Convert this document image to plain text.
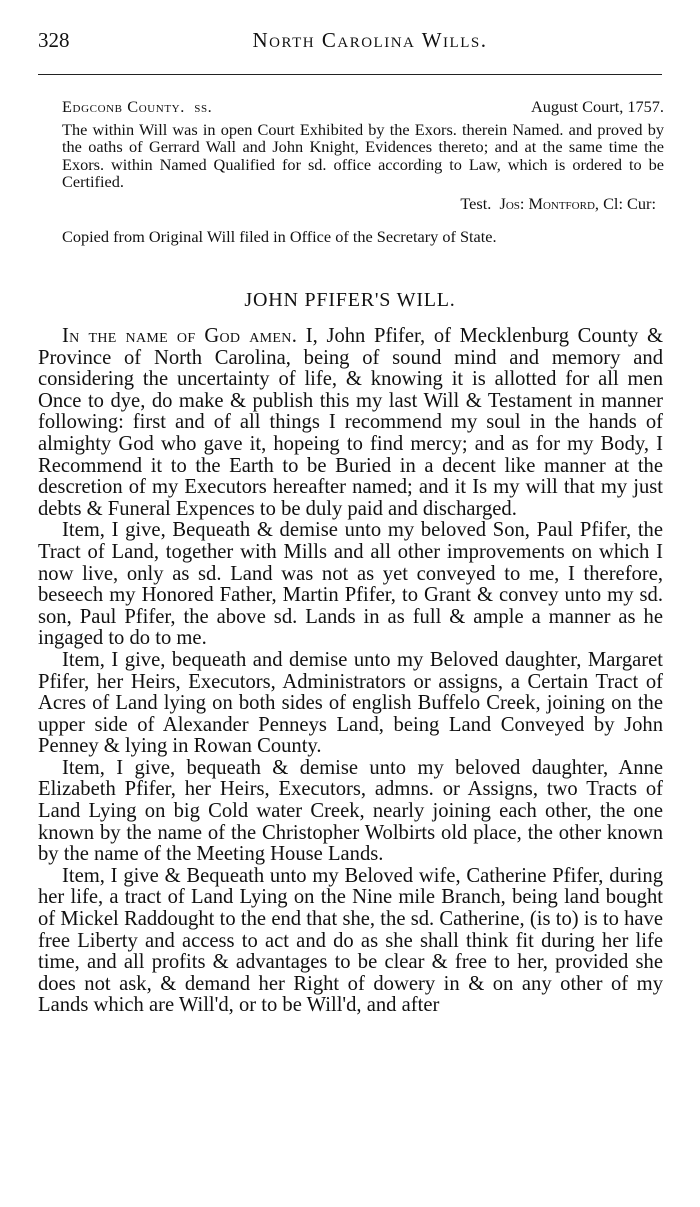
328	North Carolina Wills.
Edgconb County. ss.	August Court, 1757.

The within Will was in open Court Exhibited by the Exors. therein Named. and proved by the oaths of Gerrard Wall and John Knight, Evidences thereto; and at the same time the Exors. within Named Qualified for sd. office according to Law, which is ordered to be Certified.

Test. Jos: Montford, Cl: Cur:
Copied from Original Will filed in Office of the Secretary of State.
JOHN PFIFER'S WILL.

In the name of God amen. I, John Pfifer, of Mecklenburg County & Province of North Carolina, being of sound mind and memory and considering the uncertainty of life, & knowing it is allotted for all men Once to dye, do make & publish this my last Will & Testament in manner following: first and of all things I recommend my soul in the hands of almighty God who gave it, hopeing to find mercy; and as for my Body, I Recommend it to the Earth to be Buried in a decent like manner at the descretion of my Executors hereafter named; and it Is my will that my just debts & Funeral Expences to be duly paid and discharged.

Item, I give, Bequeath & demise unto my beloved Son, Paul Pfifer, the Tract of Land, together with Mills and all other improvements on which I now live, only as sd. Land was not as yet conveyed to me, I therefore, beseech my Honored Father, Martin Pfifer, to Grant & convey unto my sd. son, Paul Pfifer, the above sd. Lands in as full & ample a manner as he ingaged to do to me.

Item, I give, bequeath and demise unto my Beloved daughter, Margaret Pfifer, her Heirs, Executors, Administrators or assigns, a Certain Tract of Acres of Land lying on both sides of english Buffelo Creek, joining on the upper side of Alexander Penneys Land, being Land Conveyed by John Penney & lying in Rowan County.

Item, I give, bequeath & demise unto my beloved daughter, Anne Elizabeth Pfifer, her Heirs, Executors, admns. or Assigns, two Tracts of Land Lying on big Cold water Creek, nearly joining each other, the one known by the name of the Christopher Wolbirts old place, the other known by the name of the Meeting House Lands.

Item, I give & Bequeath unto my Beloved wife, Catherine Pfifer, during her life, a tract of Land Lying on the Nine mile Branch, being land bought of Mickel Raddought to the end that she, the sd. Catherine, (is to) is to have free Liberty and access to act and do as she shall think fit during her life time, and all profits & advantages to be clear & free to her, provided she does not ask, & demand her Right of dowery in & on any other of my Lands which are Will'd, or to be Will'd, and after
